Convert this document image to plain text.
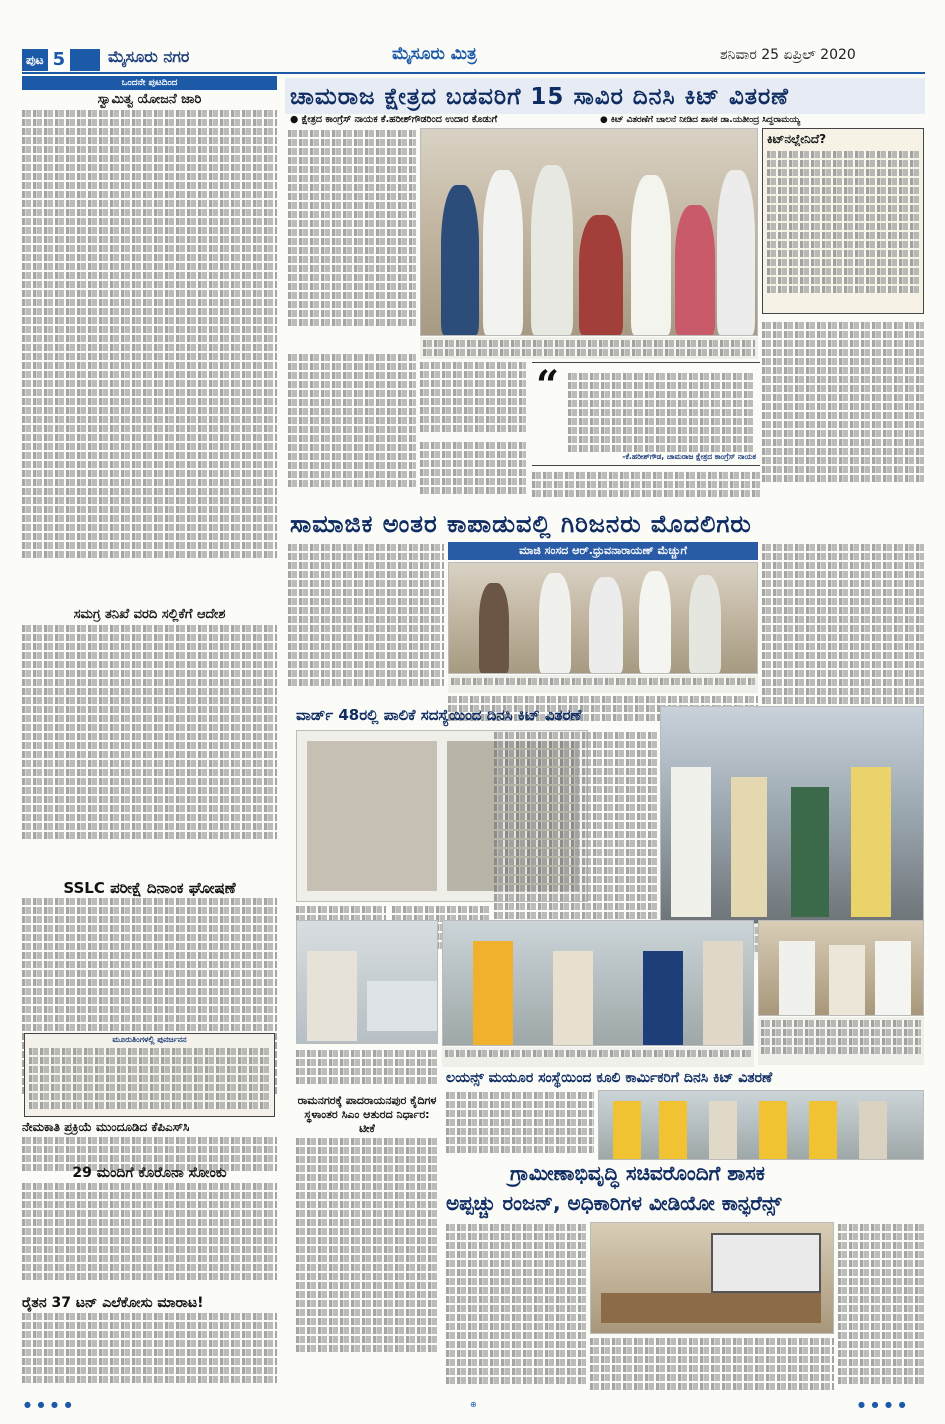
ಪುಟ 5	ಮೈಸೂರು ನಗರ	ಮೈಸೂರು ಮಿತ್ರ	ಶನಿವಾರ 25 ಏಪ್ರಿಲ್ 2020
ಒಂದನೇ ಪುಟದಿಂದ
ಸ್ವಾಮಿತ್ವ ಯೋಜನೆ ಜಾರಿ
ಸಮಗ್ರ ತನಿಖೆ ವರದಿ ಸಲ್ಲಿಕೆಗೆ ಆದೇಶ
SSLC ಪರೀಕ್ಷೆ ದಿನಾಂಕ ಘೋಷಣೆ
ಮೂರುತಿಂಗಳಲ್ಲಿ ಪುನರ್ಜನನ
ನೇಮಕಾತಿ ಪ್ರಕ್ರಿಯೆ ಮುಂದೂಡಿದ ಕೆಪಿಎಸ್‌ಸಿ
29 ಮಂದಿಗೆ ಕೊರೊನಾ ಸೋಂಕು
ರೈತನ 37 ಟನ್ ಎಲೆಕೋಸು ಮಾರಾಟ!
ಚಾಮರಾಜ ಕ್ಷೇತ್ರದ ಬಡವರಿಗೆ 15 ಸಾವಿರ ದಿನಸಿ ಕಿಟ್ ವಿತರಣೆ
● ಕ್ಷೇತ್ರದ ಕಾಂಗ್ರೆಸ್ ನಾಯಕ ಕೆ.ಹರೀಶ್‌ಗೌಡರಿಂದ ಉದಾರ ಕೊಡುಗೆ	● ಕಿಟ್ ವಿತರಣೆಗೆ ಚಾಲನೆ ನೀಡಿದ ಶಾಸಕ ಡಾ.ಯತೀಂದ್ರ ಸಿದ್ದರಾಮಯ್ಯ
“
-ಕೆ.ಹರೀಶ್‌ಗೌಡ, ಚಾಮರಾಜ ಕ್ಷೇತ್ರದ ಕಾಂಗ್ರೆಸ್ ನಾಯಕ
ಕಿಟ್‌ನಲ್ಲೇನಿದೆ?
ಸಾಮಾಜಿಕ ಅಂತರ ಕಾಪಾಡುವಲ್ಲಿ ಗಿರಿಜನರು ಮೊದಲಿಗರು
ಮಾಜಿ ಸಂಸದ ಆರ್.ಧ್ರುವನಾರಾಯಣ್ ಮೆಚ್ಚುಗೆ
ವಾರ್ಡ್ 48ರಲ್ಲಿ ಪಾಲಿಕೆ ಸದಸ್ಯೆಯಿಂದ ದಿನಸಿ ಕಿಟ್ ವಿತರಣೆ
ರಾಮನಗರಕ್ಕೆ ಪಾದರಾಯನಪುರ ಕೈದಿಗಳ ಸ್ಥಳಾಂತರ ಸಿಎಂ ಆತುರದ ನಿರ್ಧಾರ: ಟೀಕೆ
ಲಯನ್ಸ್ ಮಯೂರ ಸಂಸ್ಥೆಯಿಂದ ಕೂಲಿ ಕಾರ್ಮಿಕರಿಗೆ ದಿನಸಿ ಕಿಟ್ ವಿತರಣೆ
ಗ್ರಾಮೀಣಾಭಿವೃದ್ಧಿ ಸಚಿವರೊಂದಿಗೆ ಶಾಸಕ
ಅಪ್ಪಚ್ಚು ರಂಜನ್, ಅಧಿಕಾರಿಗಳ ವೀಡಿಯೋ ಕಾನ್ಫರೆನ್ಸ್
● ● ● ●	⊕	● ● ● ●
